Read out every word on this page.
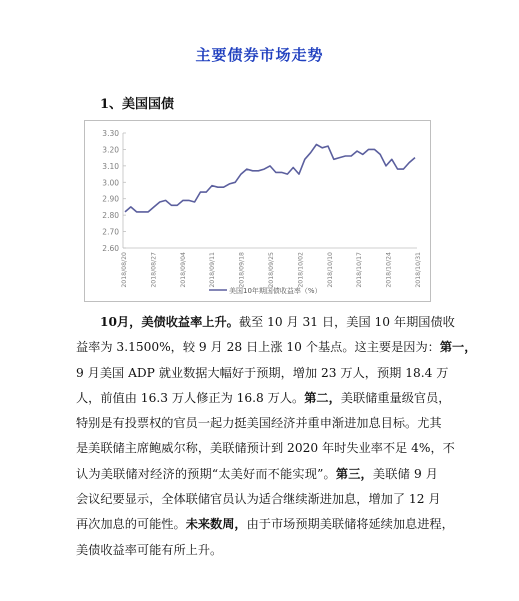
主要债券市场走势
1、美国国债
3.30
3.20
3.10
3.00
2.90
2.80
2.70
2.60
2018/08/20	2018/08/27	2018/09/04	2018/09/11	2018/09/18	2018/09/25	2018/10/02	2018/10/10	2018/10/17	2018/10/24	2018/10/31
美国10年期国债收益率（%）
10月，美债收益率上升。截至 10 月 31 日，美国 10 年期国债收
益率为 3.1500%，较 9 月 28 日上涨 10 个基点。这主要是因为：第一，
9 月美国 ADP 就业数据大幅好于预期，增加 23 万人，预期 18.4 万
人，前值由 16.3 万人修正为 16.8 万人。第二，美联储重量级官员，
特别是有投票权的官员一起力挺美国经济并重申渐进加息目标。尤其
是美联储主席鲍威尔称，美联储预计到 2020 年时失业率不足 4%，不
认为美联储对经济的预期“太美好而不能实现”。第三，美联储 9 月
会议纪要显示，全体联储官员认为适合继续渐进加息，增加了 12 月
再次加息的可能性。未来数周，由于市场预期美联储将延续加息进程，
美债收益率可能有所上升。
